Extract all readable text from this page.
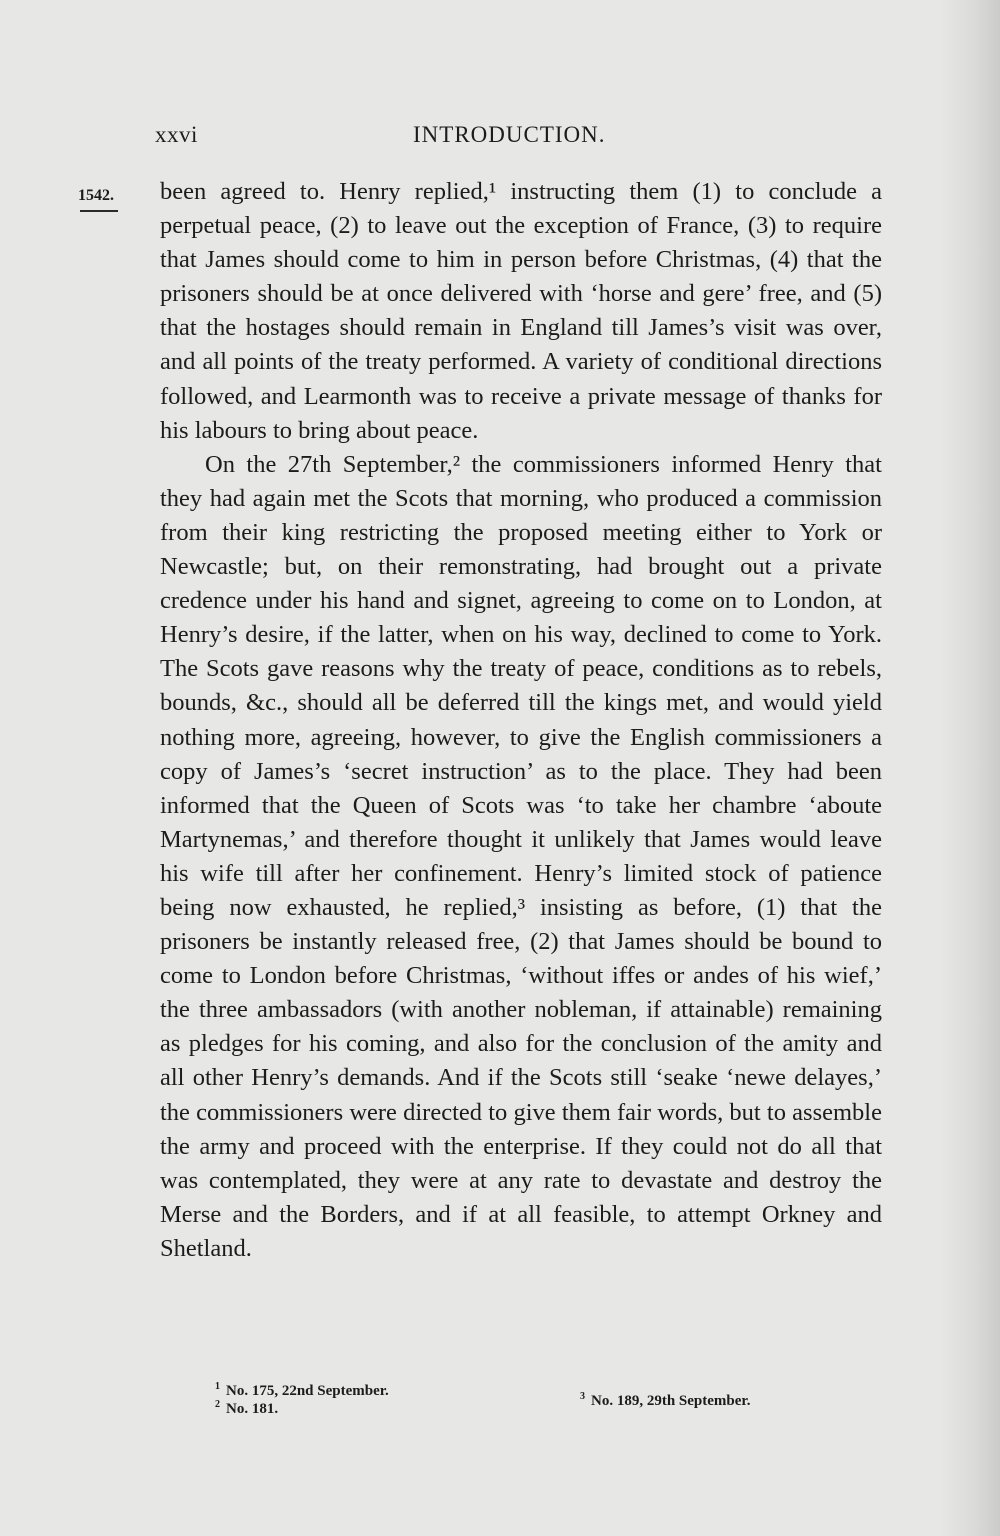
xxvi	INTRODUCTION.
1542. been agreed to. Henry replied,¹ instructing them (1) to conclude a perpetual peace, (2) to leave out the exception of France, (3) to require that James should come to him in person before Christmas, (4) that the prisoners should be at once delivered with ‘horse and gere’ free, and (5) that the hostages should remain in England till James’s visit was over, and all points of the treaty performed. A variety of conditional directions followed, and Learmonth was to receive a private message of thanks for his labours to bring about peace.

On the 27th September,² the commissioners informed Henry that they had again met the Scots that morning, who produced a commission from their king restricting the proposed meeting either to York or Newcastle; but, on their remonstrating, had brought out a private credence under his hand and signet, agreeing to come on to London, at Henry’s desire, if the latter, when on his way, declined to come to York. The Scots gave reasons why the treaty of peace, conditions as to rebels, bounds, &c., should all be deferred till the kings met, and would yield nothing more, agreeing, however, to give the English commissioners a copy of James’s ‘secret instruction’ as to the place. They had been informed that the Queen of Scots was ‘to take her chambre ‘aboute Martynemas,’ and therefore thought it unlikely that James would leave his wife till after her confinement. Henry’s limited stock of patience being now exhausted, he replied,³ insisting as before, (1) that the prisoners be instantly released free, (2) that James should be bound to come to London before Christmas, ‘without iffes or andes of his wief,’ the three ambassadors (with another nobleman, if attainable) remaining as pledges for his coming, and also for the conclusion of the amity and all other Henry’s demands. And if the Scots still ‘seake ‘newe delayes,’ the commissioners were directed to give them fair words, but to assemble the army and proceed with the enterprise. If they could not do all that was contemplated, they were at any rate to devastate and destroy the Merse and the Borders, and if at all feasible, to attempt Orkney and Shetland.

$^1$ No. 175, 22nd September.
$^2$ No. 181.
$^3$ No. 189, 29th September.
